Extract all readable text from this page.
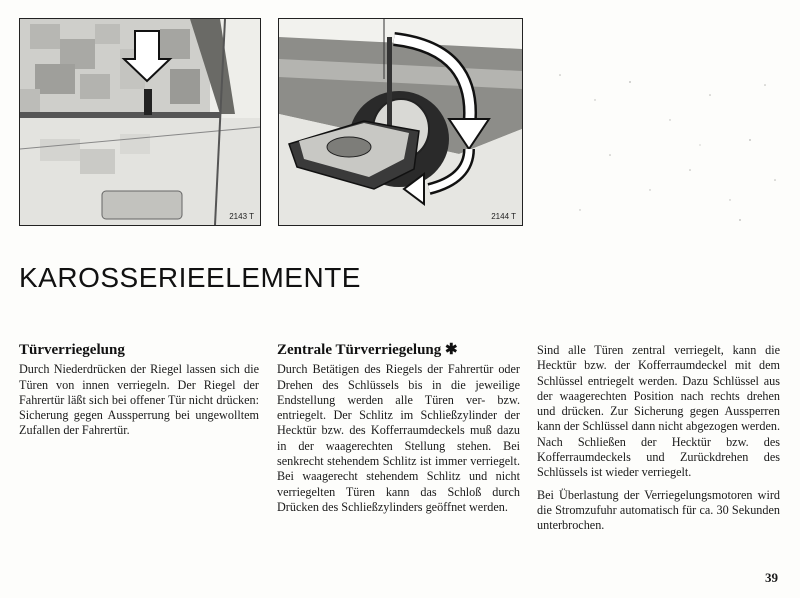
2143 T	2144 T
KAROSSERIEELEMENTE
Türverriegelung

Durch Niederdrücken der Riegel lassen sich die Türen von innen verriegeln. Der Riegel der Fahrertür läßt sich bei offener Tür nicht drücken: Sicherung gegen Aussperrung bei ungewolltem Zufallen der Fahrertür.

Zentrale Türverriegelung ✱

Durch Betätigen des Riegels der Fahrertür oder Drehen des Schlüssels bis in die jeweilige Endstellung werden alle Türen ver- bzw. entriegelt. Der Schlitz im Schließzylinder der Hecktür bzw. des Kofferraumdeckels muß dazu in der waagerechten Stellung stehen. Bei senkrecht stehendem Schlitz ist immer verriegelt. Bei waagerecht stehendem Schlitz und nicht verriegelten Türen kann das Schloß durch Drücken des Schließzylinders geöffnet werden.

Sind alle Türen zentral verriegelt, kann die Hecktür bzw. der Kofferraumdeckel mit dem Schlüssel entriegelt werden. Dazu Schlüssel aus der waagerechten Position nach rechts drehen und drücken. Zur Sicherung gegen Aussperren kann der Schlüssel dann nicht abgezogen werden. Nach Schließen der Hecktür bzw. des Kofferraumdeckels und Zurückdrehen des Schlüssels ist wieder verriegelt.

Bei Überlastung der Verriegelungsmotoren wird die Stromzufuhr automatisch für ca. 30 Sekunden unterbrochen.

39
